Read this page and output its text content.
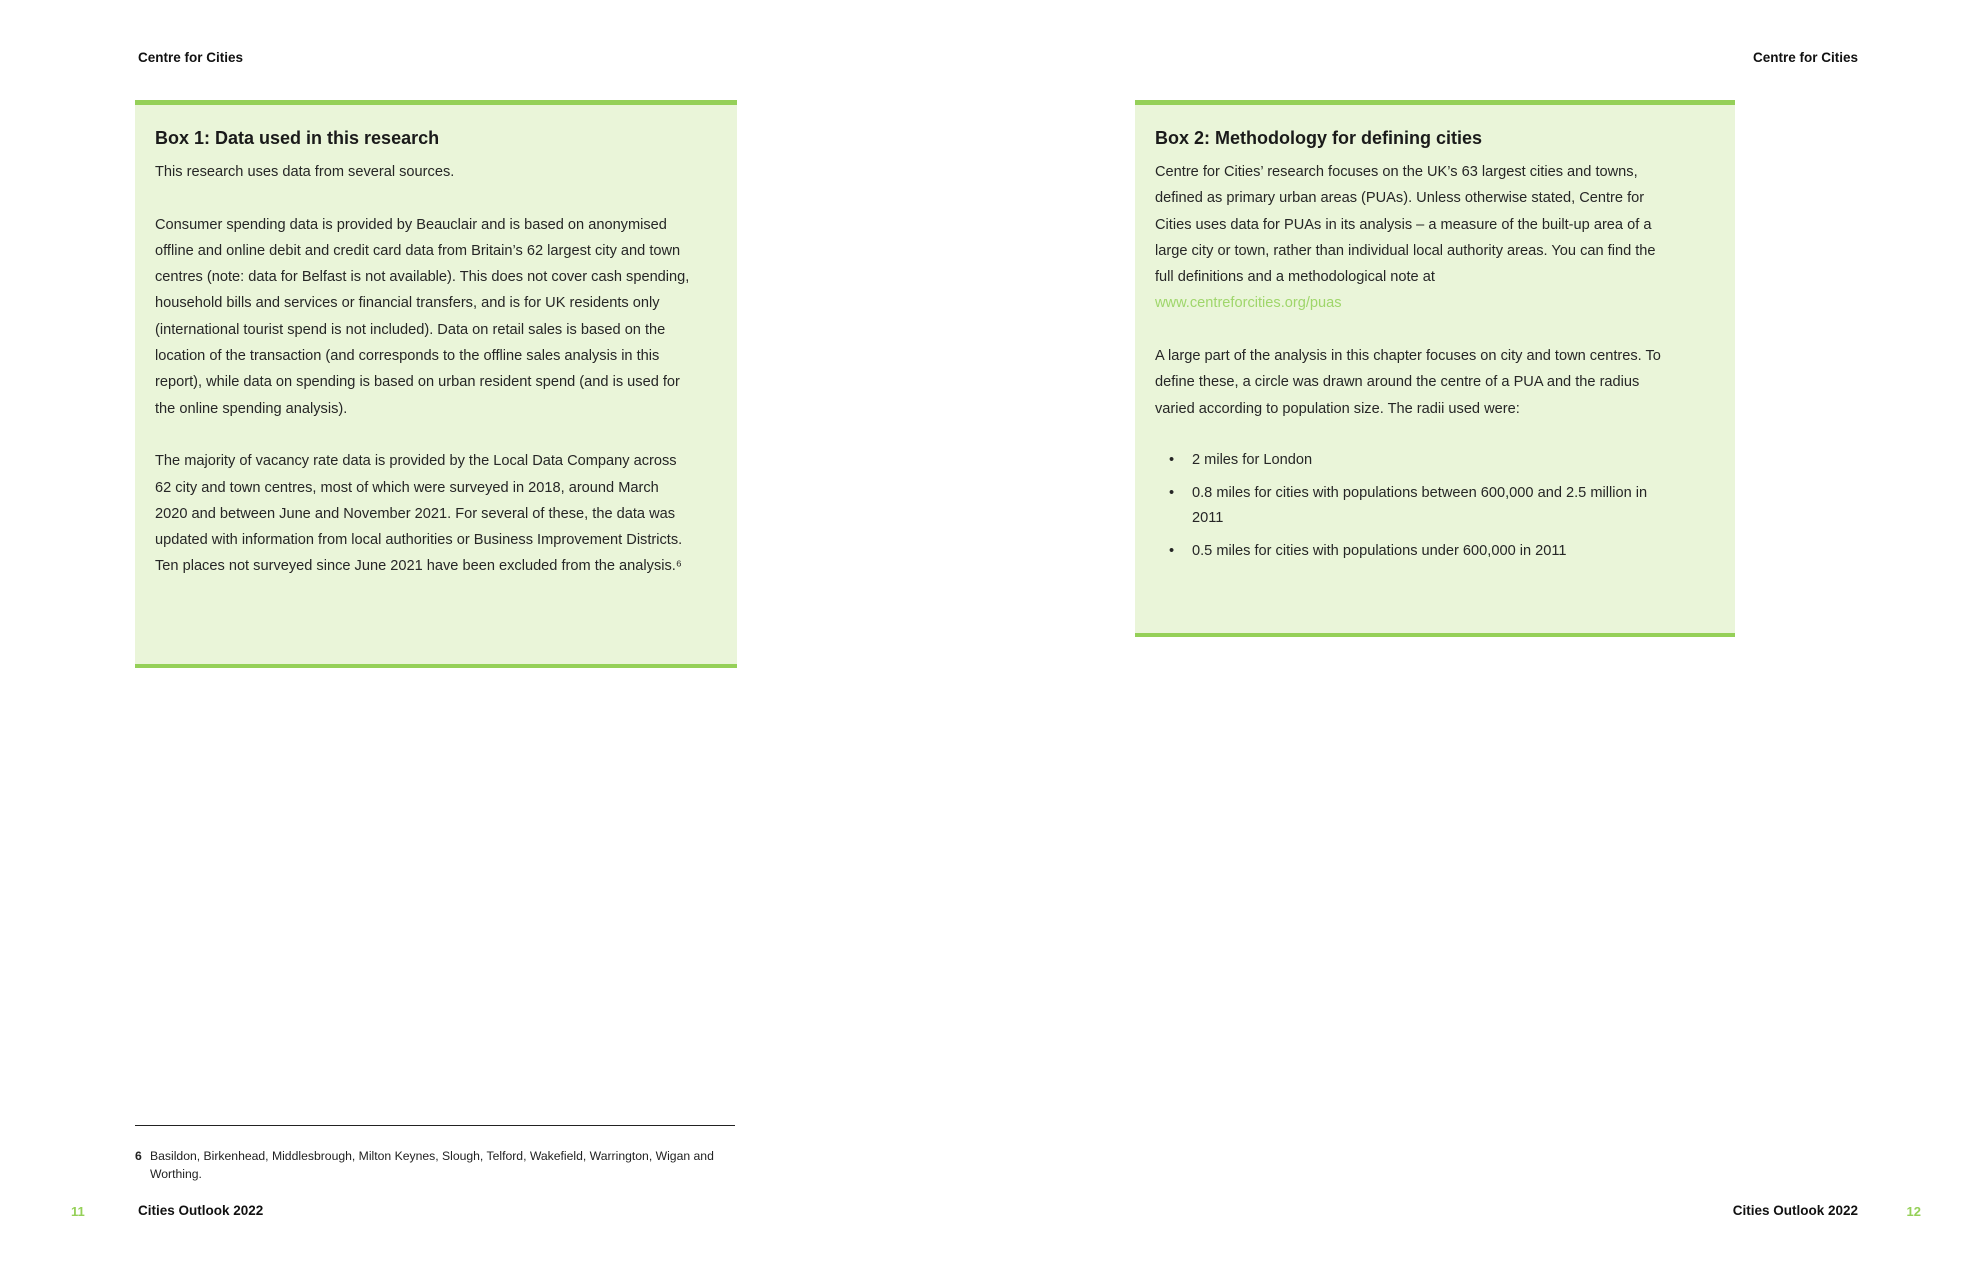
Centre for Cities	Centre for Cities
Box 1: Data used in this research

This research uses data from several sources.

Consumer spending data is provided by Beauclair and is based on anonymised offline and online debit and credit card data from Britain’s 62 largest city and town centres (note: data for Belfast is not available). This does not cover cash spending, household bills and services or financial transfers, and is for UK residents only (international tourist spend is not included). Data on retail sales is based on the location of the transaction (and corresponds to the offline sales analysis in this report), while data on spending is based on urban resident spend (and is used for the online spending analysis).

The majority of vacancy rate data is provided by the Local Data Company across 62 city and town centres, most of which were surveyed in 2018, around March 2020 and between June and November 2021. For several of these, the data was updated with information from local authorities or Business Improvement Districts. Ten places not surveyed since June 2021 have been excluded from the analysis.⁶

Box 2: Methodology for defining cities

Centre for Cities’ research focuses on the UK’s 63 largest cities and towns, defined as primary urban areas (PUAs). Unless otherwise stated, Centre for Cities uses data for PUAs in its analysis – a measure of the built-up area of a large city or town, rather than individual local authority areas. You can find the full definitions and a methodological note at
www.centreforcities.org/puas

A large part of the analysis in this chapter focuses on city and town centres. To define these, a circle was drawn around the centre of a PUA and the radius varied according to population size. The radii used were:

• 2 miles for London
• 0.8 miles for cities with populations between 600,000 and 2.5 million in 2011
• 0.5 miles for cities with populations under 600,000 in 2011
6 Basildon, Birkenhead, Middlesbrough, Milton Keynes, Slough, Telford, Wakefield, Warrington, Wigan and Worthing.
11	Cities Outlook 2022	Cities Outlook 2022	12
